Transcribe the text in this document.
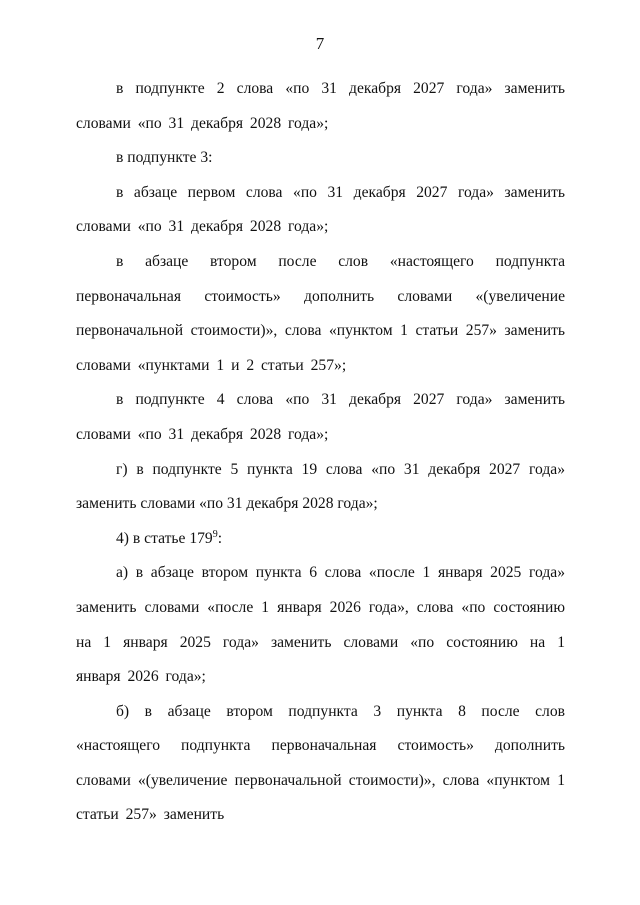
7

в подпункте 2 слова «по 31 декабря 2027 года» заменить словами «по 31 декабря 2028 года»;

в подпункте 3:

в абзаце первом слова «по 31 декабря 2027 года» заменить словами «по 31 декабря 2028 года»;

в абзаце втором после слов «настоящего подпункта первоначальная стоимость» дополнить словами «(увеличение первоначальной стоимости)», слова «пунктом 1 статьи 257» заменить словами «пунктами 1 и 2 статьи 257»;

в подпункте 4 слова «по 31 декабря 2027 года» заменить словами «по 31 декабря 2028 года»;

г) в подпункте 5 пункта 19 слова «по 31 декабря 2027 года» заменить словами «по 31 декабря 2028 года»;

4) в статье $179^9$:

а) в абзаце втором пункта 6 слова «после 1 января 2025 года» заменить словами «после 1 января 2026 года», слова «по состоянию на 1 января 2025 года» заменить словами «по состоянию на 1 января 2026 года»;

б) в абзаце втором подпункта 3 пункта 8 после слов «настоящего подпункта первоначальная стоимость» дополнить словами «(увеличение первоначальной стоимости)», слова «пунктом 1 статьи 257» заменить
